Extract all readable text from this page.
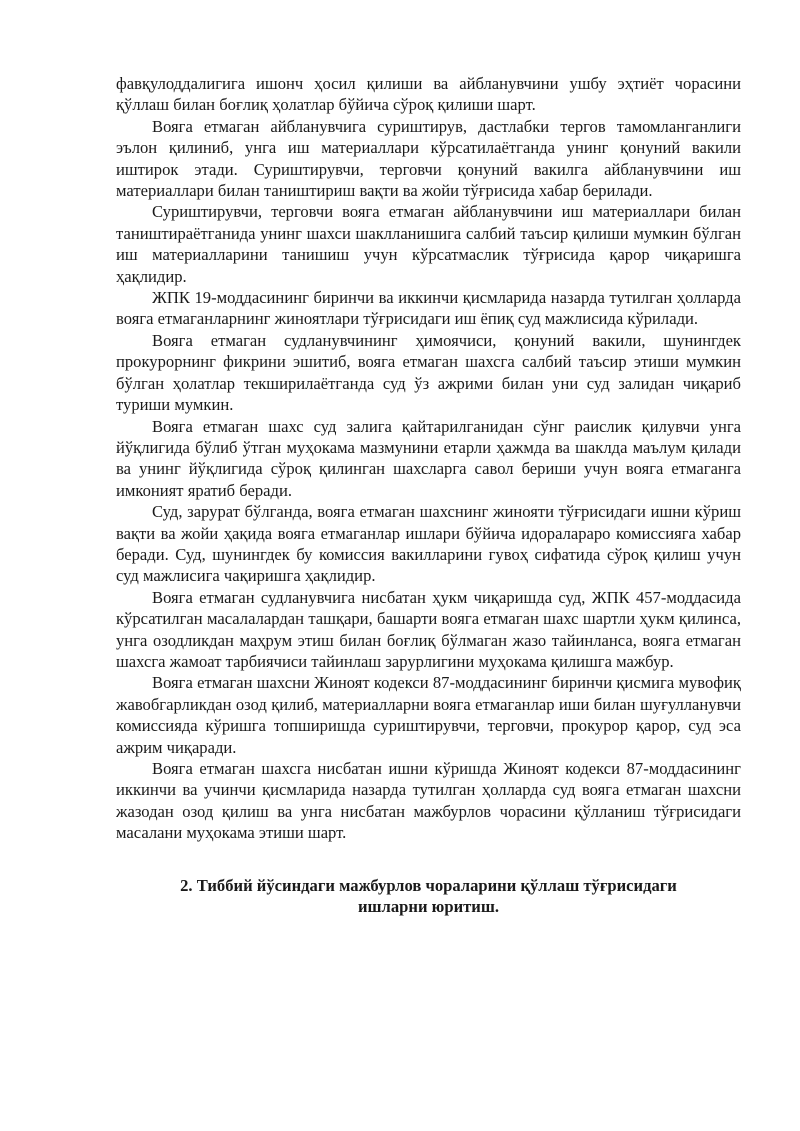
фавқулоддалигига ишонч ҳосил қилиши ва айбланувчини ушбу эҳтиёт чорасини қўллаш билан боғлиқ ҳолатлар бўйича сўроқ қилиши шарт.

Вояга етмаган айбланувчига суриштирув, дастлабки тергов тамомланганлиги эълон қилиниб, унга иш материаллари кўрсатилаётганда унинг қонуний вакили иштирок этади. Суриштирувчи, терговчи қонуний вакилга айбланувчини иш материаллари билан таништириш вақти ва жойи тўғрисида хабар берилади.

Суриштирувчи, терговчи вояга етмаган айбланувчини иш материаллари билан таништираётганида унинг шахси шаклланишига салбий таъсир қилиши мумкин бўлган иш материалларини танишиш учун кўрсатмаслик тўғрисида қарор чиқаришга ҳақлидир.

ЖПК 19-моддасининг биринчи ва иккинчи қисмларида назарда тутилган ҳолларда вояга етмаганларнинг жиноятлари тўғрисидаги иш ёпиқ суд мажлисида кўрилади.

Вояга етмаган судланувчининг ҳимоячиси, қонуний вакили, шунингдек прокурорнинг фикрини эшитиб, вояга етмаган шахсга салбий таъсир этиши мумкин бўлган ҳолатлар текширилаётганда суд ўз ажрими билан уни суд залидан чиқариб туриши мумкин.

Вояга етмаган шахс суд залига қайтарилганидан сўнг раислик қилувчи унга йўқлигида бўлиб ўтган муҳокама мазмунини етарли ҳажмда ва шаклда маълум қилади ва унинг йўқлигида сўроқ қилинган шахсларга савол бериши учун вояга етмаганга имконият яратиб беради.

Суд, зарурат бўлганда, вояга етмаган шахснинг жинояти тўғрисидаги ишни кўриш вақти ва жойи ҳақида вояга етмаганлар ишлари бўйича идоралараро комиссияга хабар беради. Суд, шунингдек бу комиссия вакилларини гувоҳ сифатида сўроқ қилиш учун суд мажлисига чақиришга ҳақлидир.

Вояга етмаган судланувчига нисбатан ҳукм чиқаришда суд, ЖПК 457-моддасида кўрсатилган масалалардан ташқари, башарти вояга етмаган шахс шартли ҳукм қилинса, унга озодликдан маҳрум этиш билан боғлиқ бўлмаган жазо тайинланса, вояга етмаган шахсга жамоат тарбиячиси тайинлаш зарурлигини муҳокама қилишга мажбур.

Вояга етмаган шахсни Жиноят кодекси 87-моддасининг биринчи қисмига мувофиқ жавобгарликдан озод қилиб, материалларни вояга етмаганлар иши билан шуғулланувчи комиссияда кўришга топширишда суриштирувчи, терговчи, прокурор қарор, суд эса ажрим чиқаради.

Вояга етмаган шахсга нисбатан ишни кўришда Жиноят кодекси 87-моддасининг иккинчи ва учинчи қисмларида назарда тутилган ҳолларда суд вояга етмаган шахсни жазодан озод қилиш ва унга нисбатан мажбурлов чорасини қўлланиш тўғрисидаги масалани муҳокама этиши шарт.

2. Тиббий йўсиндаги мажбурлов чораларини қўллаш тўғрисидаги ишларни юритиш.
